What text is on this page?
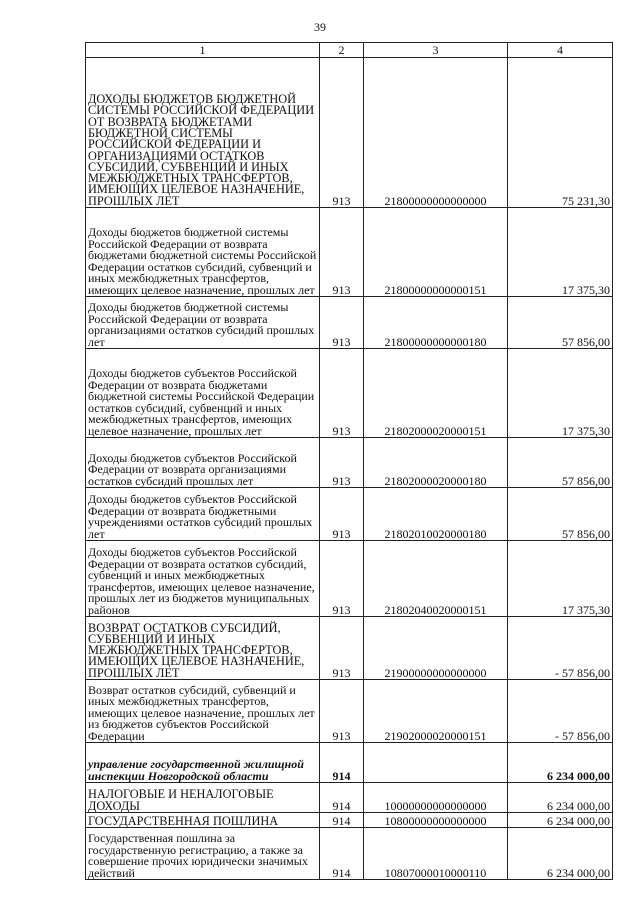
39
1	2	3	4
ДОХОДЫ БЮДЖЕТОВ БЮДЖЕТНОЙ СИСТЕМЫ РОССИЙСКОЙ ФЕДЕРАЦИИ ОТ ВОЗВРАТА БЮДЖЕТАМИ БЮДЖЕТНОЙ СИСТЕМЫ РОССИЙСКОЙ ФЕДЕРАЦИИ И ОРГАНИЗАЦИЯМИ ОСТАТКОВ СУБСИДИЙ, СУБВЕНЦИЙ И ИНЫХ МЕЖБЮДЖЕТНЫХ ТРАНСФЕРТОВ, ИМЕЮЩИХ ЦЕЛЕВОЕ НАЗНАЧЕНИЕ, ПРОШЛЫХ ЛЕТ	913	21800000000000000	75 231,30
Доходы бюджетов бюджетной системы Российской Федерации от возврата бюджетами бюджетной системы Российской Федерации остатков субсидий, субвенций и иных межбюджетных трансфертов, имеющих целевое назначение, прошлых лет	913	21800000000000151	17 375,30
Доходы бюджетов бюджетной системы Российской Федерации от возврата организациями остатков субсидий прошлых лет	913	21800000000000180	57 856,00
Доходы бюджетов субъектов Российской Федерации от возврата бюджетами бюджетной системы Российской Федерации остатков субсидий, субвенций и иных межбюджетных трансфертов, имеющих целевое назначение, прошлых лет	913	21802000020000151	17 375,30
Доходы бюджетов субъектов Российской Федерации от возврата организациями остатков субсидий прошлых лет	913	21802000020000180	57 856,00
Доходы бюджетов субъектов Российской Федерации от возврата бюджетными учреждениями остатков субсидий прошлых лет	913	21802010020000180	57 856,00
Доходы бюджетов субъектов Российской Федерации от возврата остатков субсидий, субвенций и иных межбюджетных трансфертов, имеющих целевое назначение, прошлых лет из бюджетов муниципальных районов	913	21802040020000151	17 375,30
ВОЗВРАТ ОСТАТКОВ СУБСИДИЙ, СУБВЕНЦИЙ И ИНЫХ МЕЖБЮДЖЕТНЫХ ТРАНСФЕРТОВ, ИМЕЮЩИХ ЦЕЛЕВОЕ НАЗНАЧЕНИЕ, ПРОШЛЫХ ЛЕТ	913	21900000000000000	- 57 856,00
Возврат остатков субсидий, субвенций и иных межбюджетных трансфертов, имеющих целевое назначение, прошлых лет из бюджетов субъектов Российской Федерации	913	21902000020000151	- 57 856,00
управление государственной жилищной инспекции Новгородской области	914		6 234 000,00
НАЛОГОВЫЕ И НЕНАЛОГОВЫЕ ДОХОДЫ	914	10000000000000000	6 234 000,00
ГОСУДАРСТВЕННАЯ ПОШЛИНА	914	10800000000000000	6 234 000,00
Государственная пошлина за государственную регистрацию, а также за совершение прочих юридически значимых действий	914	10807000010000110	6 234 000,00
